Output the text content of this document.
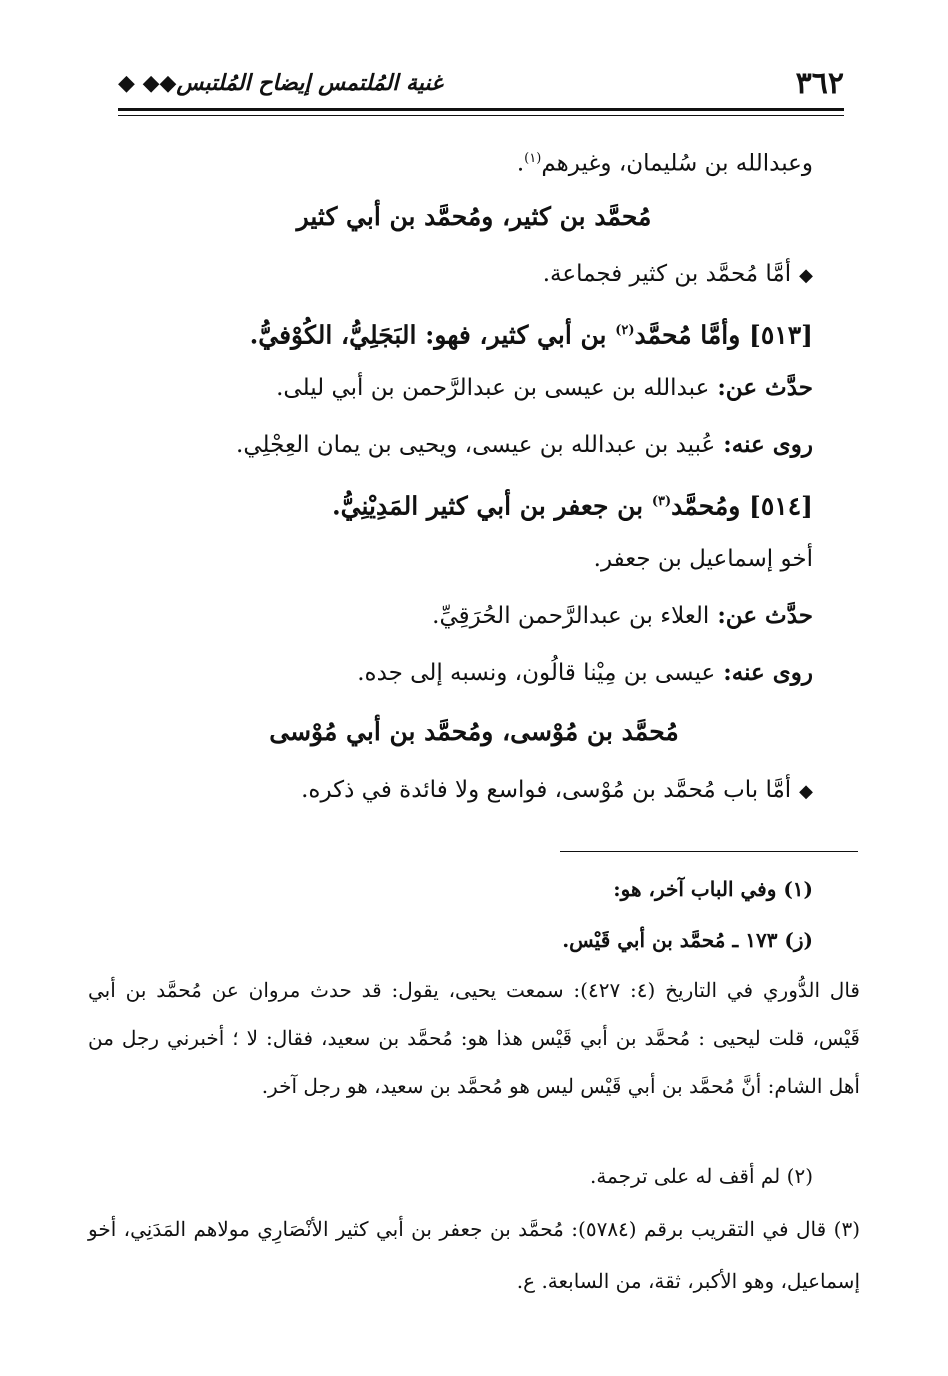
٣٦٢
غنية المُلتمس إيضاح المُلتبس◆◆ ◆
وعبدالله بن سُليمان، وغيرهم$^{(١)}$.
مُحمَّد بن كثير، ومُحمَّد بن أبي كثير
◆أمَّا مُحمَّد بن كثير فجماعة.
[٥١٣] وأمَّا مُحمَّد$^{(٢)}$ بن أبي كثير، فهو: البَجَلِيُّ، الكُوْفيُّ.
حدَّث عن: عبدالله بن عيسى بن عبدالرَّحمن بن أبي ليلى.
روى عنه: عُبيد بن عبدالله بن عيسى، ويحيى بن يمان العِجْلِي.
[٥١٤] ومُحمَّد$^{(٣)}$ بن جعفر بن أبي كثير المَدِيْنِيُّ.
أخو إسماعيل بن جعفر.
حدَّث عن: العلاء بن عبدالرَّحمن الحُرَقِيِّ.
روى عنه: عيسى بن مِيْنا قالُون، ونسبه إلى جده.
مُحمَّد بن مُوْسى، ومُحمَّد بن أبي مُوْسى
◆أمَّا باب مُحمَّد بن مُوْسى، فواسع ولا فائدة في ذكره.
(١) وفي الباب آخر، هو:
(ز) ١٧٣ ـ مُحمَّد بن أبي قَيْس.
قال الدُّوري في التاريخ (٤: ٤٢٧): سمعت يحيى، يقول: قد حدث مروان عن مُحمَّد بن أبي قَيْس، قلت ليحيى : مُحمَّد بن أبي قَيْس هذا هو: مُحمَّد بن سعيد، فقال: لا ؛ أخبرني رجل من أهل الشام: أنَّ مُحمَّد بن أبي قَيْس ليس هو مُحمَّد بن سعيد، هو رجل آخر.
(٢) لم أقف له على ترجمة.
(٣) قال في التقريب برقم (٥٧٨٤): مُحمَّد بن جعفر بن أبي كثير الأنْصَارِي مولاهم المَدَنِي، أخو إسماعيل، وهو الأكبر، ثقة، من السابعة. ع.
